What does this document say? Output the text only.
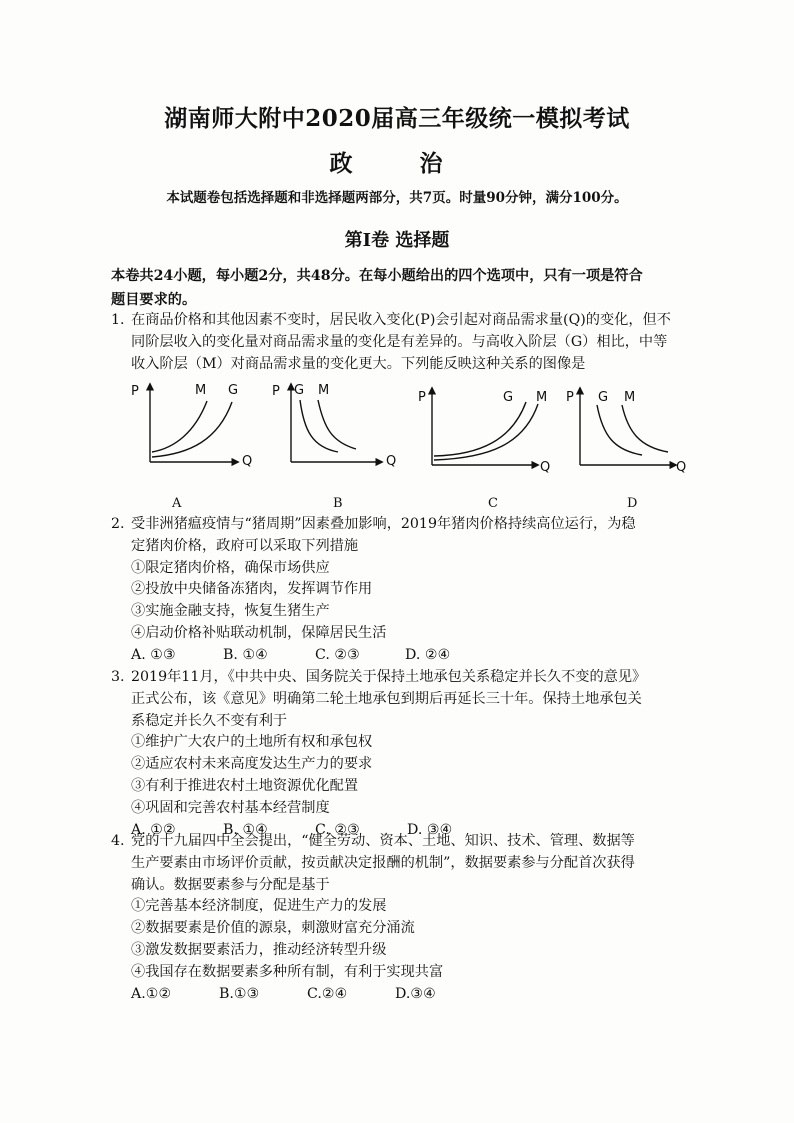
湖南师大附中2020届高三年级统一模拟考试
政　治
本试题卷包括选择题和非选择题两部分，共7页。时量90分钟，满分100分。
第Ⅰ卷 选择题
本卷共24小题，每小题2分，共48分。在每小题给出的四个选项中，只有一项是符合
题目要求的。
1. 在商品价格和其他因素不变时，居民收入变化(P)会引起对商品需求量(Q)的变化，但不
同阶层收入的变化量对商品需求量的变化是有差异的。与高收入阶层（G）相比，中等
收入阶层（M）对商品需求量的变化更大。下列能反映这种关系的图像是
P	M G
Q
A
P G M
Q
B
P	G M
Q
C
P G M
Q
D
2. 受非洲猪瘟疫情与“猪周期”因素叠加影响，2019年猪肉价格持续高位运行，为稳
定猪肉价格，政府可以采取下列措施
①限定猪肉价格，确保市场供应
②投放中央储备冻猪肉，发挥调节作用
③实施金融支持，恢复生猪生产
④启动价格补贴联动机制，保障居民生活
A. ①③	B. ①④	C. ②③	D. ②④
3. 2019年11月，《中共中央、国务院关于保持土地承包关系稳定并长久不变的意见》
正式公布，该《意见》明确第二轮土地承包到期后再延长三十年。保持土地承包关
系稳定并长久不变有利于
①维护广大农户的土地所有权和承包权
②适应农村未来高度发达生产力的要求
③有利于推进农村土地资源优化配置
④巩固和完善农村基本经营制度
A. ①②	B. ①④	C. ②③	D. ③④
4. 党的十九届四中全会提出，“健全劳动、资本、土地、知识、技术、管理、数据等
生产要素由市场评价贡献，按贡献决定报酬的机制”，数据要素参与分配首次获得
确认。数据要素参与分配是基于
①完善基本经济制度，促进生产力的发展
②数据要素是价值的源泉，刺激财富充分涌流
③激发数据要素活力，推动经济转型升级
④我国存在数据要素多种所有制，有利于实现共富
A.①②	B.①③	C.②④	D.③④
